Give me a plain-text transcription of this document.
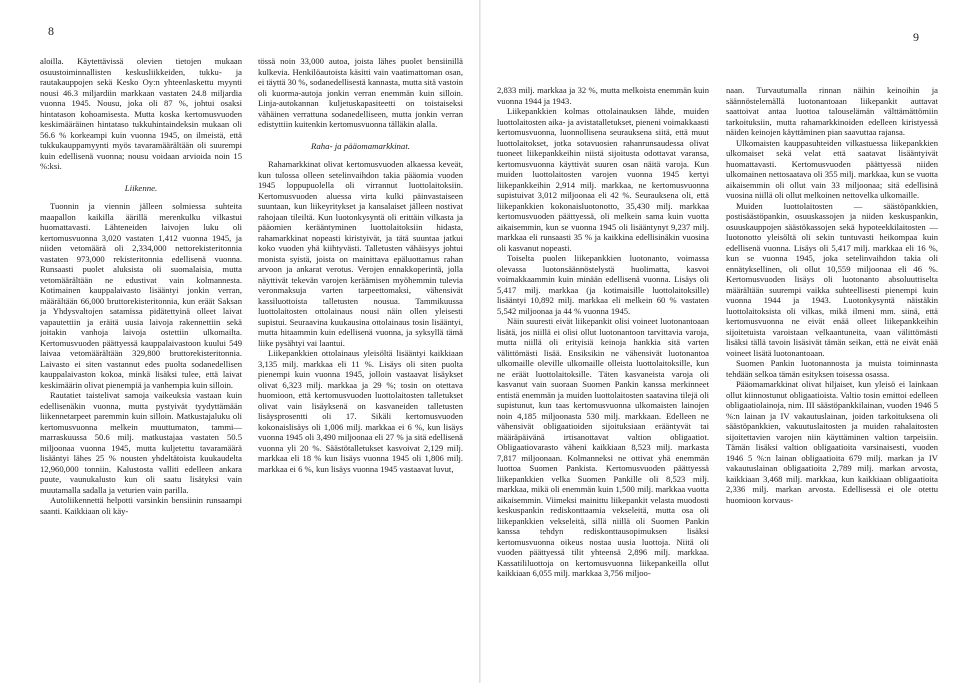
8	9

aloilla. Käytettävissä olevien tietojen mukaan osuustoiminnallisten keskusliikkeiden, tukku- ja rautakauppojen sekä Kesko Oy:n yhteenlaskettu myynti nousi 46.3 miljardiin markkaan vastaten 24.8 miljardia vuonna 1945. Nousu, joka oli 87 %, johtui osaksi hintatason kohoamisesta. Mutta koska kertomusvuoden keskimääräinen hintataso tukkuhintaindeksin mukaan oli 56.6 % korkeampi kuin vuonna 1945, on ilmeistä, että tukkukauppamyynti myös tavaramäärältään oli suurempi kuin edellisenä vuonna; nousu voidaan arvioida noin 15 %:ksi.

Liikenne.

Tuonnin ja viennin jälleen solmiessa suhteita maapallon kaikilla äärillä merenkulku vilkastui huomattavasti. Lähteneiden laivojen luku oli kertomusvuonna 3,020 vastaten 1,412 vuonna 1945, ja niiden vetomäärä oli 2,334,000 nettorekisteritonnia vastaten 973,000 rekisteritonnia edellisenä vuonna. Runsaasti puolet aluksista oli suomalaisia, mutta vetomäärältään ne edustivat vain kolmannesta. Kotimainen kauppalaivasto lisääntyi jonkin verran, määrältään 66,000 bruttorekisteritonnia, kun eräät Saksan ja Yhdysvaltojen satamissa pidätettyinä olleet laivat vapautettiin ja eräitä uusia laivoja rakennettiin sekä joitakin vanhoja laivoja ostettiin ulkomailta. Kertomusvuoden päättyessä kauppalaivastoon kuului 549 laivaa vetomäärältään 329,800 bruttorekisteritonnia. Laivasto ei siten vastannut edes puolta sodanedellisen kauppalaivaston kokoa, minkä lisäksi tulee, että laivat keskimäärin olivat pienempiä ja vanhempia kuin silloin.

Rautatiet taistelivat samoja vaikeuksia vastaan kuin edellisenäkin vuonna, mutta pystyivät tyydyttämään liikennetarpeet paremmin kuin silloin. Matkustajaluku oli kertomusvuonna melkein muuttumaton, tammi—marraskuussa 50.6 milj. matkustajaa vastaten 50.5 miljoonaa vuonna 1945, mutta kuljetettu tavaramäärä lisääntyi lähes 25 % nousten yhdeltätoista kuukaudelta 12,960,000 tonniin. Kalustosta valliti edelleen ankara puute, vaunukalusto kun oli saatu lisätyksi vain muutamalla sadalla ja veturien vain parilla.

Autoliikennettä helpotti varsinkin bensiinin runsaampi saanti. Kaikkiaan oli käy-

tössä noin 33,000 autoa, joista lähes puolet bensiinillä kulkevia. Henkilöautoista käsitti vain vaatimattoman osan, ei täyttä 30 %, sodanedellisestä kannasta, mutta sitä vastoin oli kuorma-autoja jonkin verran enemmän kuin silloin. Linja-autokannan kuljetuskapasiteetti on toistaiseksi vähäinen verrattuna sodanedelliseen, mutta jonkin verran edistyttiin kuitenkin kertomusvuonna tälläkin alalla.

Raha- ja pääomamarkkinat.

Rahamarkkinat olivat kertomusvuoden alkaessa keveät, kun tulossa olleen setelinvaihdon takia pääomia vuoden 1945 loppupuolella oli virrannut luottolaitoksiin. Kertomusvuoden aluessa virta kulki päinvastaiseen suuntaan, kun liikeyritykset ja kansalaiset jälleen nostivat rahojaan tileiltä. Kun luotonkysyntä oli erittäin vilkasta ja pääomien kerääntyminen luottolaitoksiin hidasta, rahamarkkinat nopeasti kiristyivät, ja tätä suuntaa jatkui koko vuoden yhä kiihtyvästi. Talletusten vähäisyys johtui monista syistä, joista on mainittava epäluottamus rahan arvoon ja ankarat verotus. Verojen ennakkoperintä, jolla näyttivät tekevän varojen keräämisen myöhemmin tulevia veronmaksuja varten tarpeettomaksi, vähensivät kassiluottoista talletusten nousua. Tammikuussa luottolaitosten ottolainaus nousi näin ollen yleisesti supistui. Seuraavina kuukausina ottolainaus tosin lisääntyi, mutta hitaammin kuin edellisenä vuonna, ja syksyllä tämä liike pysähtyi vai laantui.

Liikepankkien ottolainaus yleisöltä lisääntyi kaikkiaan 3,135 milj. markkaa eli 11 %. Lisäys oli siten puolta pienempi kuin vuonna 1945, jolloin vastaavat lisäykset olivat 6,323 milj. markkaa ja 29 %; tosin on otettava huomioon, että kertomusvuoden luottolaitosten talletukset olivat vain lisäyksenä on kasvaneiden talletusten lisäysprosentti oli 17. Sikäli kertomusvuoden kokonaislisäys oli 1,006 milj. markkaa ei 6 %, kun lisäys vuonna 1945 oli 3,490 miljoonaa eli 27 % ja sitä edellisenä vuonna yli 20 %. Säästötalletukset kasvoivat 2,129 milj. markkaa eli 18 % kun lisäys vuonna 1945 oli 1,806 milj. markkaa ei 6 %, kun lisäys vuonna 1945 vastaavat luvut,

2,833 milj. markkaa ja 32 %, mutta melkoista enemmän kuin vuonna 1944 ja 1943.

Liikepankkien kolmas ottolainauksen lähde, muiden luottolaitosten aika- ja avistatalletukset, pieneni voimakkaasti kertomusvuonna, luonnollisena seurauksena siitä, että muut luottolaitokset, jotka sotavuosien rahanrunsaudessa olivat tuoneet liikepankkeihin niistä sijoitusta odottavat varansa, kertomusvuonna käyttivät suuren osan näitä varoja. Kun muiden luottolaitosten varojen vuonna 1945 kertyi liikepankkeihin 2,914 milj. markkaa, ne kertomusvuonna supistuivat 3,012 miljoonaa eli 42 %. Seurauksena oli, että liikepankkien kokonaisluotonotto, 35,430 milj. markkaa kertomusvuoden päättyessä, oli melkein sama kuin vuotta aikaisemmin, kun se vuonna 1945 oli lisääntynyt 9,237 milj. markkaa eli runsaasti 35 % ja kaikkina edellisinäkin vuosina oli kasvanut nopeasti.

Toiselta puolen liikepankkien luotonanto, voimassa olevassa luotonsäännöstelystä huolimatta, kasvoi voimakkaammin kuin minään edellisenä vuonna. Lisäys oli 5,417 milj. markkaa (ja kotimaisille luottolaitoksille) lisääntyi 10,892 milj. markkaa eli melkein 60 % vastaten 5,542 miljoonaa ja 44 % vuonna 1945.

Näin suuresti eivät liikepankit olisi voineet luotonantoaan lisätä, jos niillä ei olisi ollut luotonantoon tarvittavia varoja, mutta niillä oli erityisiä keinoja hankkia sitä varten välittömästi lisää. Ensiksikin ne vähensivät luotonantoa ulkomaille oleville ulkomaille olleista luottolaitoksille, kun ne eräät luottolaitoksille. Täten kasvaneista varoja oli kasvanut vain suoraan Suomen Pankin kanssa merkinneet entistä enemmän ja muiden luottolaitosten saatavina tilejä oli supistunut, kun taas kertomusvuonna ulkomaisten lainojen noin 4,185 miljoonasta 530 milj. markkaan. Edelleen ne vähensivät obligaatioiden sijoituksiaan erääntyvät tai määräpäivänä irtisanottavat valtion obligaatiot. Obligaatiovarasto väheni kaikkiaan 8,523 milj. markasta 7,817 miljoonaan. Kolmanneksi ne ottivat yhä enemmän luottoa Suomen Pankista. Kertomusvuoden päättyessä liikepankkien velka Suomen Pankille oli 8,523 milj. markkaa, mikä oli enemmän kuin 1,500 milj. markkaa vuotta aikaisemmin. Viimeksi mainittu liikepankit velasta muodosti keskuspankin rediskonttaamia vekseleitä, mutta osa oli liikepankkien vekseleitä, sillä niillä oli Suomen Pankin kanssa tehdyn rediskonttausopimuksen lisäksi kertomusvuonna oikeus nostaa uusia luottoja. Niitä oli vuoden päättyessä tilit yhteensä 2,896 milj. markkaa. Kassatililuottoja on kertomusvuonna liikepankeilla ollut kaikkiaan 6,055 milj. markkaa 3,756 miljoo-

naan. Turvautumalla rinnan näihin keinoihin ja säännöstelemällä luotonantoaan liikepankit auttavat saattoivat antaa luottoa talouselämän välttämättömiin tarkoituksiin, mutta rahamarkkinoiden edelleen kiristyessä näiden keinojen käyttäminen pian saavuttaa rajansa.

Ulkomaisten kauppasuhteiden vilkastuessa liikepankkien ulkomaiset sekä velat että saatavat lisääntyivät huomattavasti. Kertomusvuoden päättyessä niiden ulkomainen nettosaatava oli 355 milj. markkaa, kun se vuotta aikaisemmin oli ollut vain 33 miljoonaa; sitä edellisinä vuosina niillä oli ollut melkoinen nettovelka ulkomaille.

Muiden luottolaitosten — säästöpankkien, postisäästöpankin, osuuskassojen ja niiden keskuspankin, osuuskauppojen säästökassojen sekä hypoteekkilaitosten — luotonotto yleisöltä oli sekin tuntuvasti heikompaa kuin edellisenä vuonna. Lisäys oli 5,417 milj. markkaa eli 16 %, kun se vuonna 1945, joka setelinvaihdon takia oli ennätyksellinen, oli ollut 10,559 miljoonaa eli 46 %. Kertomusvuoden lisäys oli luotonanto absoluuttiselta määrältään suurempi vaikka suhteellisesti pienempi kuin vuonna 1944 ja 1943. Luotonkysyntä näistäkin luottolaitoksista oli vilkas, mikä ilmeni mm. siinä, että kertomusvuonna ne eivät enää olleet liikepankkeihin sijoitetuista varoistaan velkaantuneita, vaan välittömästi lisäksi tällä tavoin lisäsivät tämän seikan, että ne eivät enää voineet lisätä luotonantoaan.

Suomen Pankin luotonannosta ja muista toiminnasta tehdään selkoa tämän esityksen toisessa osassa.

Pääomamarkkinat olivat hiljaiset, kun yleisö ei lainkaan ollut kiinnostunut obligaatioista. Valtio tosin emittoi edelleen obligaatiolainoja, nim. III säästöpankkilainan, vuoden 1946 5 %:n lainan ja IV vakautuslainan, joiden tarkoituksena oli säästöpankkien, vakuutuslaitosten ja muiden rahalaitosten sijoitettavien varojen niin käyttäminen valtion tarpeisiin. Tämän lisäksi valtion obligaatioita varsinaisesti, vuoden 1946 5 %:n lainan obligaatioita 679 milj. markan ja IV vakautuslainan obligaatioita 2,789 milj. markan arvosta, kaikkiaan 3,468 milj. markkaa, kun kaikkiaan obligaatioita 2,336 milj. markan arvosta. Edellisessä ei ole otettu huomioon korvaus-
